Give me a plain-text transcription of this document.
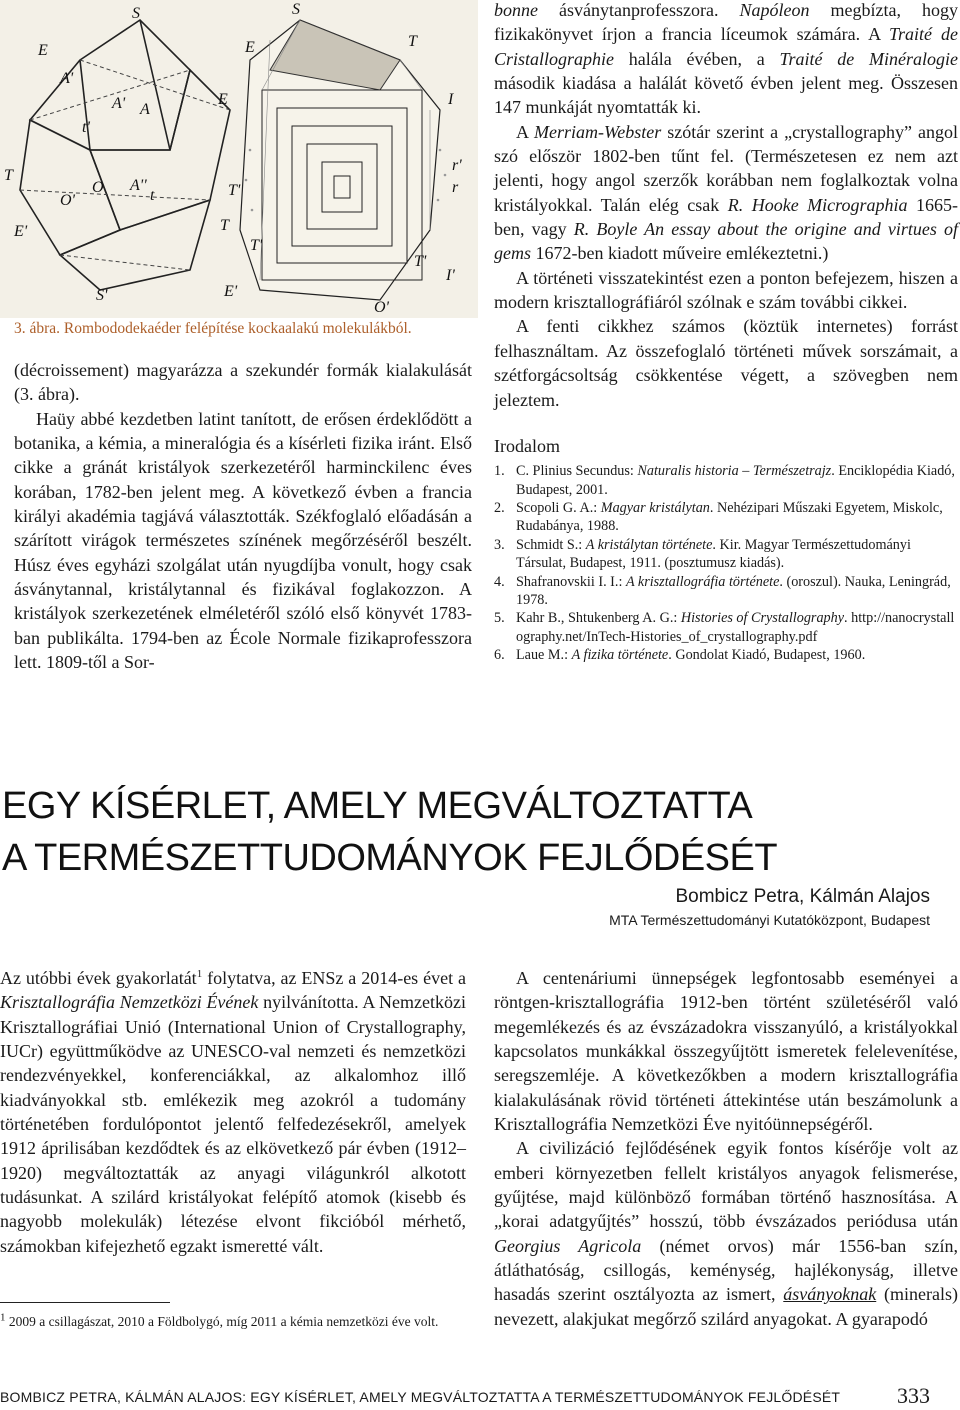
E
t'
A' A
A'
S
T
O
O'
A''
t	T'
E
S'
E'
S
T
E
I
r'
r
T
T'
E'
T'
I'
O'
3. ábra. Rombododekaéder felépítése kockaalakú molekulákból.

(décroissement) magyarázza a szekundér formák kialakulását (3. ábra).

Haüy abbé kezdetben latint tanított, de erősen érdeklődött a botanika, a kémia, a mineralógia és a kísérleti fizika iránt. Első cikke a gránát kristályok szerkezetéről harminckilenc éves korában, 1782-ben jelent meg. A következő évben a francia királyi akadémia tagjává választották. Székfoglaló előadásán a szárított virágok természetes színének megőrzéséről beszélt. Húsz éves egyházi szolgálat után nyugdíjba vonult, hogy csak ásványtannal, kristálytannal és fizikával foglakozzon. A kristályok szerkezetének elméletéről szóló első könyvét 1783-ban publikálta. 1794-ben az École Normale fizikaprofesszora lett. 1809-től a Sor-

bonne ásványtanprofesszora. Napóleon megbízta, hogy fizikakönyvet írjon a francia líceumok számára. A Traité de Cristallographie halála évében, a Traité de Minéralogie második kiadása a halálát követő évben jelent meg. Összesen 147 munkáját nyomtatták ki.

A Merriam-Webster szótár szerint a „crystallography” angol szó először 1802-ben tűnt fel. (Természetesen ez nem azt jelenti, hogy angol szerzők korábban nem foglalkoztak volna kristályokkal. Talán elég csak R. Hooke Micrographia 1665-ben, vagy R. Boyle An essay about the origine and virtues of gems 1672-ben kiadott műveire emlékeztetni.)

A történeti visszatekintést ezen a ponton befejezem, hiszen a modern krisztallográfiáról szólnak e szám további cikkei.

A fenti cikkhez számos (köztük internetes) forrást felhasználtam. Az összefoglaló történeti művek sorszámait, a szétforgácsoltság csökkentése végett, a szövegben nem jeleztem.

Irodalom
1. C. Plinius Secundus: Naturalis historia – Természetrajz. Enciklopédia Kiadó, Budapest, 2001.
2. Scopoli G. A.: Magyar kristálytan. Nehézipari Műszaki Egyetem, Miskolc, Rudabánya, 1988.
3. Schmidt S.: A kristálytan története. Kir. Magyar Természettudományi Társulat, Budapest, 1911. (posztumusz kiadás).
4. Shafranovskii I. I.: A krisztallográfia története. (oroszul). Nauka, Leningrád, 1978.
5. Kahr B., Shtukenberg A. G.: Histories of Crystallography. http://nanocrystallography.net/InTech-Histories_of_crystallography.pdf
6. Laue M.: A fizika története. Gondolat Kiadó, Budapest, 1960.
EGY KÍSÉRLET, AMELY MEGVÁLTOZTATTA
A TERMÉSZETTUDOMÁNYOK FEJLŐDÉSÉT
Bombicz Petra, Kálmán Alajos
MTA Természettudományi Kutatóközpont, Budapest

Az utóbbi évek gyakorlatát$^1$ folytatva, az ENSz a 2014-es évet a Krisztallográfia Nemzetközi Évének nyilvánította. A Nemzetközi Krisztallográfiai Unió (International Union of Crystallography, IUCr) együttműködve az UNESCO-val nemzeti és nemzetközi rendezvényekkel, konferenciákkal, az alkalomhoz illő kiadványokkal stb. emlékezik meg azokról a tudomány történetében fordulópontot jelentő felfedezésekről, amelyek 1912 áprilisában kezdődtek és az elkövetkező pár évben (1912–1920) megváltoztatták az anyagi világunkról alkotott tudásunkat. A szilárd kristályokat felépítő atomok (kisebb és nagyobb molekulák) létezése elvont fikcióból mérhető, számokban kifejezhető egzakt ismeretté vált.

A centenáriumi ünnepségek legfontosabb eseményei a röntgen-krisztallográfia 1912-ben történt születéséről való megemlékezés és az évszázadokra visszanyúló, a kristályokkal kapcsolatos munkákkal összegyűjtött ismeretek felelevenítése, seregszemléje. A következőkben a modern krisztallográfia kialakulásának rövid történeti áttekintése után beszámolunk a Krisztallográfia Nemzetközi Éve nyitóünnepségéről.

A civilizáció fejlődésének egyik fontos kísérője volt az emberi környezetben fellelt kristályos anyagok felismerése, gyűjtése, majd különböző formában történő hasznosítása. A „korai adatgyűjtés” hosszú, több évszázados periódusa után Georgius Agricola (német orvos) már 1556-ban szín, átláthatóság, csillogás, keménység, hajlékonyság, illetve hasadás szerint osztályozta az ismert, ásványoknak (minerals) nevezett, alakjukat megőrző szilárd anyagokat. A gyarapodó

$^1$ 2009 a csillagászat, 2010 a Földbolygó, míg 2011 a kémia nemzetközi éve volt.
BOMBICZ PETRA, KÁLMÁN ALAJOS: EGY KÍSÉRLET, AMELY MEGVÁLTOZTATTA A TERMÉSZETTUDOMÁNYOK FEJLŐDÉSÉT	333
